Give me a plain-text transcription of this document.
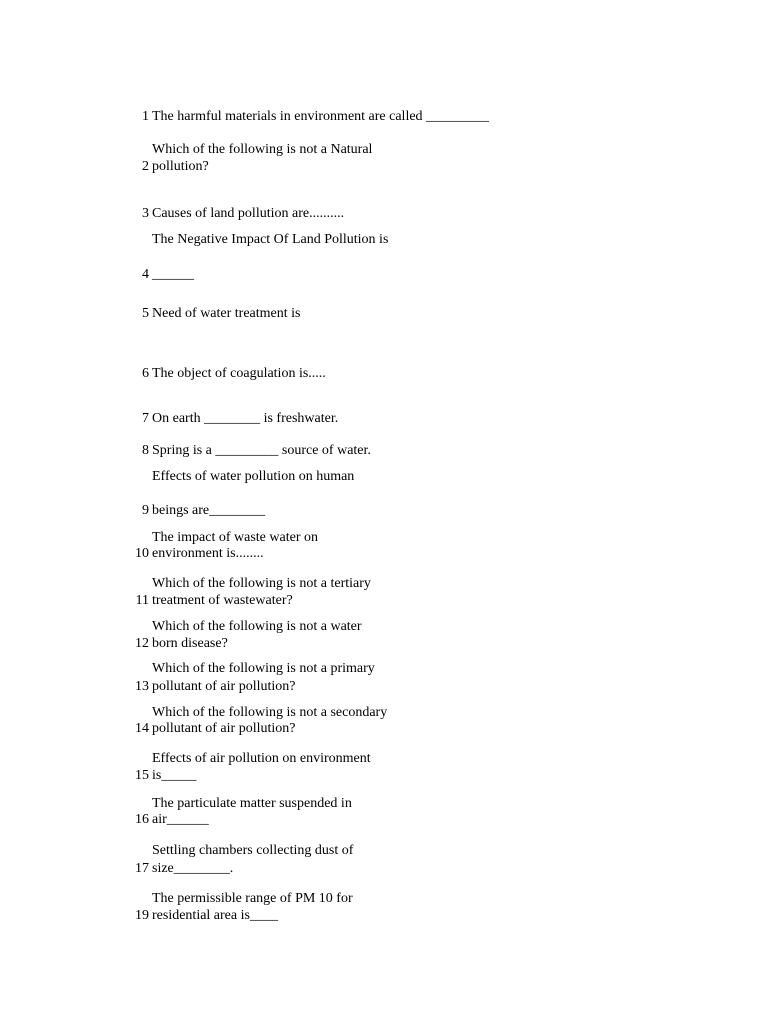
1 The harmful materials in environment are called _________
Which of the following is not a Natural
2 pollution?
3 Causes of land pollution are..........
The Negative Impact Of Land Pollution is
4 ______
5 Need of water treatment is
6 The object of coagulation is.....
7 On earth ________ is freshwater.
8 Spring is a _________ source of water.
Effects of water pollution on human
9 beings are________
The impact of waste water on
10 environment is........
Which of the following is not a tertiary
11 treatment of wastewater?
Which of the following is not a water
12 born disease?
Which of the following is not a primary
13 pollutant of air pollution?
Which of the following is not a secondary
14 pollutant of air pollution?
Effects of air pollution on environment
15 is_____
The particulate matter suspended in
16 air______
Settling chambers collecting dust of
17 size________.
The permissible range of PM 10 for
19 residential area is____
